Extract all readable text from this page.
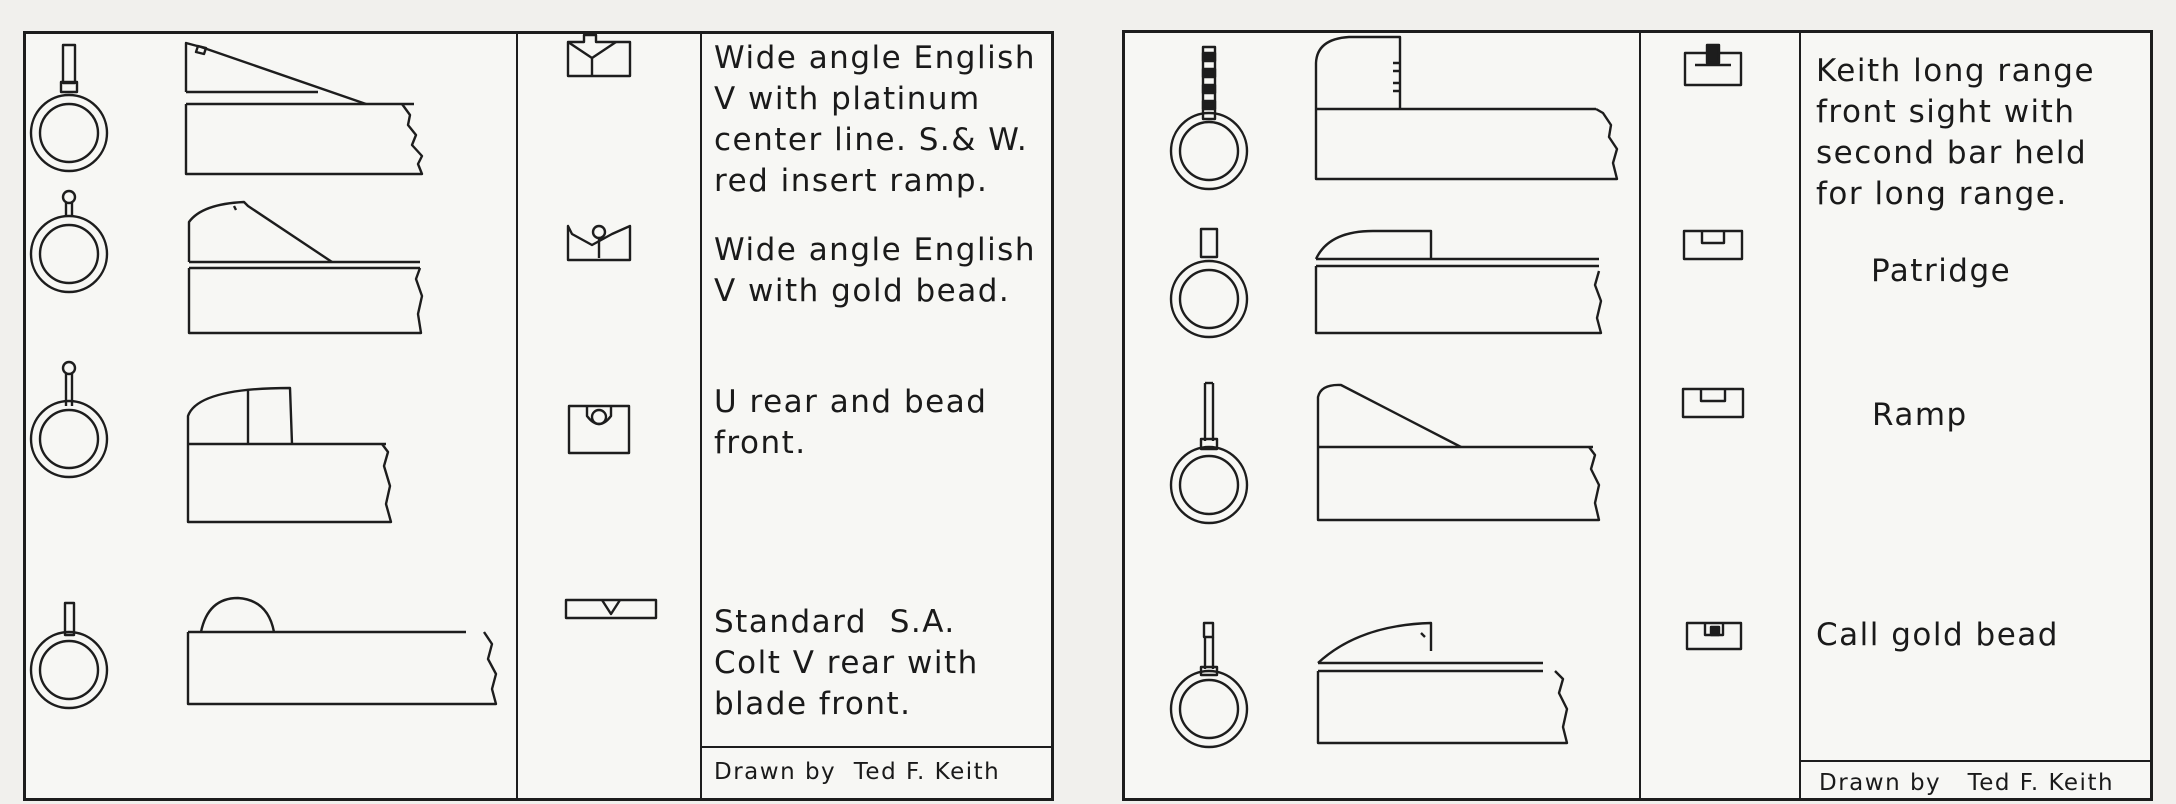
Wide angle English
V with platinum
center line. S.& W.
red insert ramp.

Wide angle English
V with gold bead.

U rear and bead
front.

Standard  S.A.
Colt V rear with
blade front.

Drawn by  Ted F. Keith

Keith long range
front sight with
second bar held
for long range.

Patridge

Ramp

Call gold bead

Drawn by   Ted F. Keith
